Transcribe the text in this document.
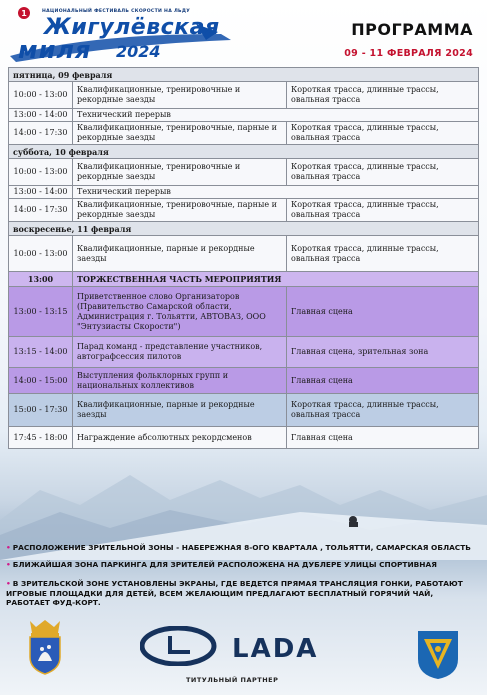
1	НАЦИОНАЛЬНЫЙ ФЕСТИВАЛЬ СКОРОСТИ НА ЛЬДУ
Жигулёвская
миля 2024
ПРОГРАММА
09 - 11 ФЕВРАЛЯ 2024
пятница, 09 февраля		
10:00 - 13:00	Квалификационные, тренировочные и рекордные заезды	Короткая трасса, длинные трассы, овальная трасса
13:00 - 14:00	Технический перерыв	
14:00 - 17:30	Квалификационные, тренировочные, парные и рекордные заезды	Короткая трасса, длинные трассы, овальная трасса
суббота, 10 февраля		
10:00 - 13:00	Квалификационные, тренировочные и рекордные заезды	Короткая трасса, длинные трассы, овальная трасса
13:00 - 14:00	Технический перерыв	
14:00 - 17:30	Квалификационные, тренировочные, парные и рекордные заезды	Короткая трасса, длинные трассы, овальная трасса
воскресенье, 11 февраля		
10:00 - 13:00	Квалификационные, парные и рекордные заезды	Короткая трасса, длинные трассы, овальная трасса
13:00	ТОРЖЕСТВЕННАЯ ЧАСТЬ МЕРОПРИЯТИЯ	
13:00 - 13:15	Приветственное слово Организаторов (Правительство Самарской области, Администрация г. Тольятти, АВТОВАЗ, ООО "Энтузиасты Скорости")	Главная сцена
13:15 - 14:00	Парад команд - представление участников, автографсессия пилотов	Главная сцена, зрительная зона
14:00 - 15:00	Выступления фольклорных групп и национальных коллективов	Главная сцена
15:00 - 17:30	Квалификационные, парные и рекордные заезды	Короткая трасса, длинные трассы, овальная трасса
17:45 - 18:00	Награждение абсолютных рекордсменов	Главная сцена
• РАСПОЛОЖЕНИЕ ЗРИТЕЛЬНОЙ ЗОНЫ - НАБЕРЕЖНАЯ 8-ОГО КВАРТАЛА , ТОЛЬЯТТИ, САМАРСКАЯ ОБЛАСТЬ
• БЛИЖАЙШАЯ ЗОНА ПАРКИНГА ДЛЯ ЗРИТЕЛЕЙ РАСПОЛОЖЕНА НА ДУБЛЕРЕ УЛИЦЫ СПОРТИВНАЯ
• В ЗРИТЕЛЬСКОЙ ЗОНЕ УСТАНОВЛЕНЫ ЭКРАНЫ, ГДЕ ВЕДЕТСЯ ПРЯМАЯ ТРАНСЛЯЦИЯ ГОНКИ, РАБОТАЮТ ИГРОВЫЕ ПЛОЩАДКИ ДЛЯ ДЕТЕЙ, ВСЕМ ЖЕЛАЮЩИМ ПРЕДЛАГАЮТ БЕСПЛАТНЫЙ ГОРЯЧИЙ ЧАЙ, РАБОТАЕТ ФУД-КОРТ.
LADA
ТИТУЛЬНЫЙ ПАРТНЕР
